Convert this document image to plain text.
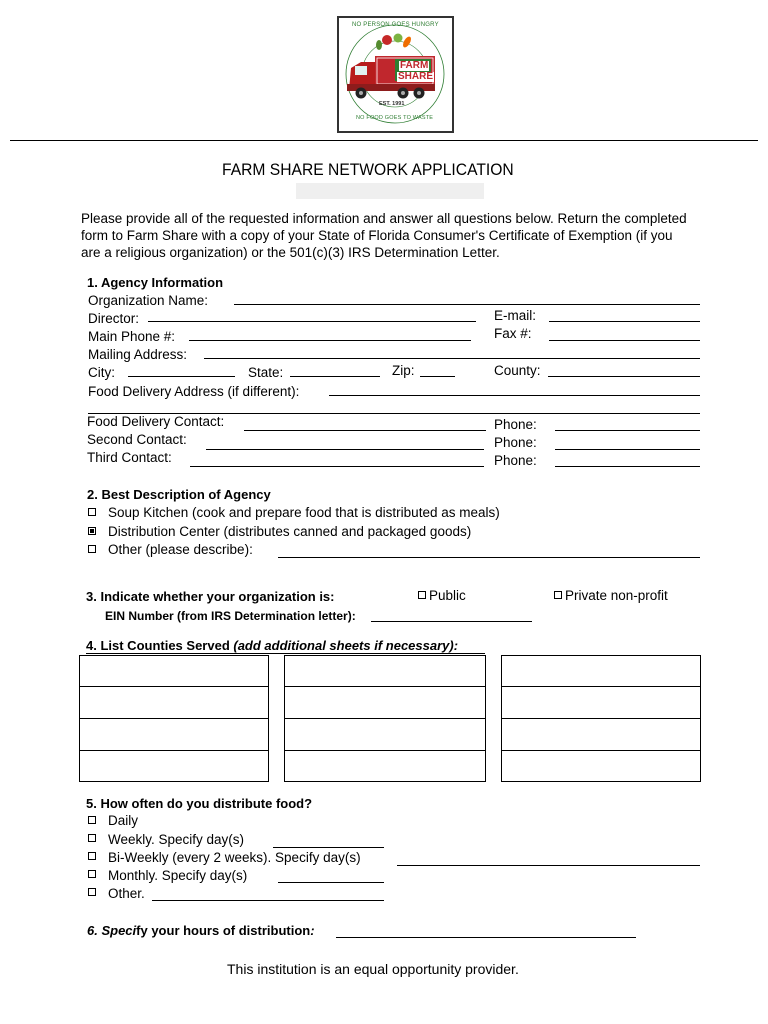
FARM
SHARE
NO PERSON GOES HUNGRY
EST. 1991
NO FOOD GOES TO WASTE
FARM SHARE NETWORK APPLICATION
Please provide all of the requested information and answer all questions below. Return the completed
form to Farm Share with a copy of your State of Florida Consumer's Certificate of Exemption (if you
are a religious organization) or the 501(c)(3) IRS Determination Letter.
1. Agency Information
Organization Name:
Director:	E-mail:
Main Phone #:	Fax #:
Mailing Address:
City:	State:	Zip:	County:
Food Delivery Address (if different):
Food Delivery Contact:	Phone:
Second Contact:	Phone:
Third Contact:	Phone:
2. Best Description of Agency
Soup Kitchen (cook and prepare food that is distributed as meals)
Distribution Center (distributes canned and packaged goods)
Other (please describe):
3. Indicate whether your organization is:	Public	Private non-profit
EIN Number (from IRS Determination letter):
4. List Counties Served (add additional sheets if necessary):
5. How often do you distribute food?
Daily
Weekly. Specify day(s)
Bi-Weekly (every 2 weeks). Specify day(s)
Monthly. Specify day(s)
Other.
6. Specify your hours of distribution:
This institution is an equal opportunity provider.
